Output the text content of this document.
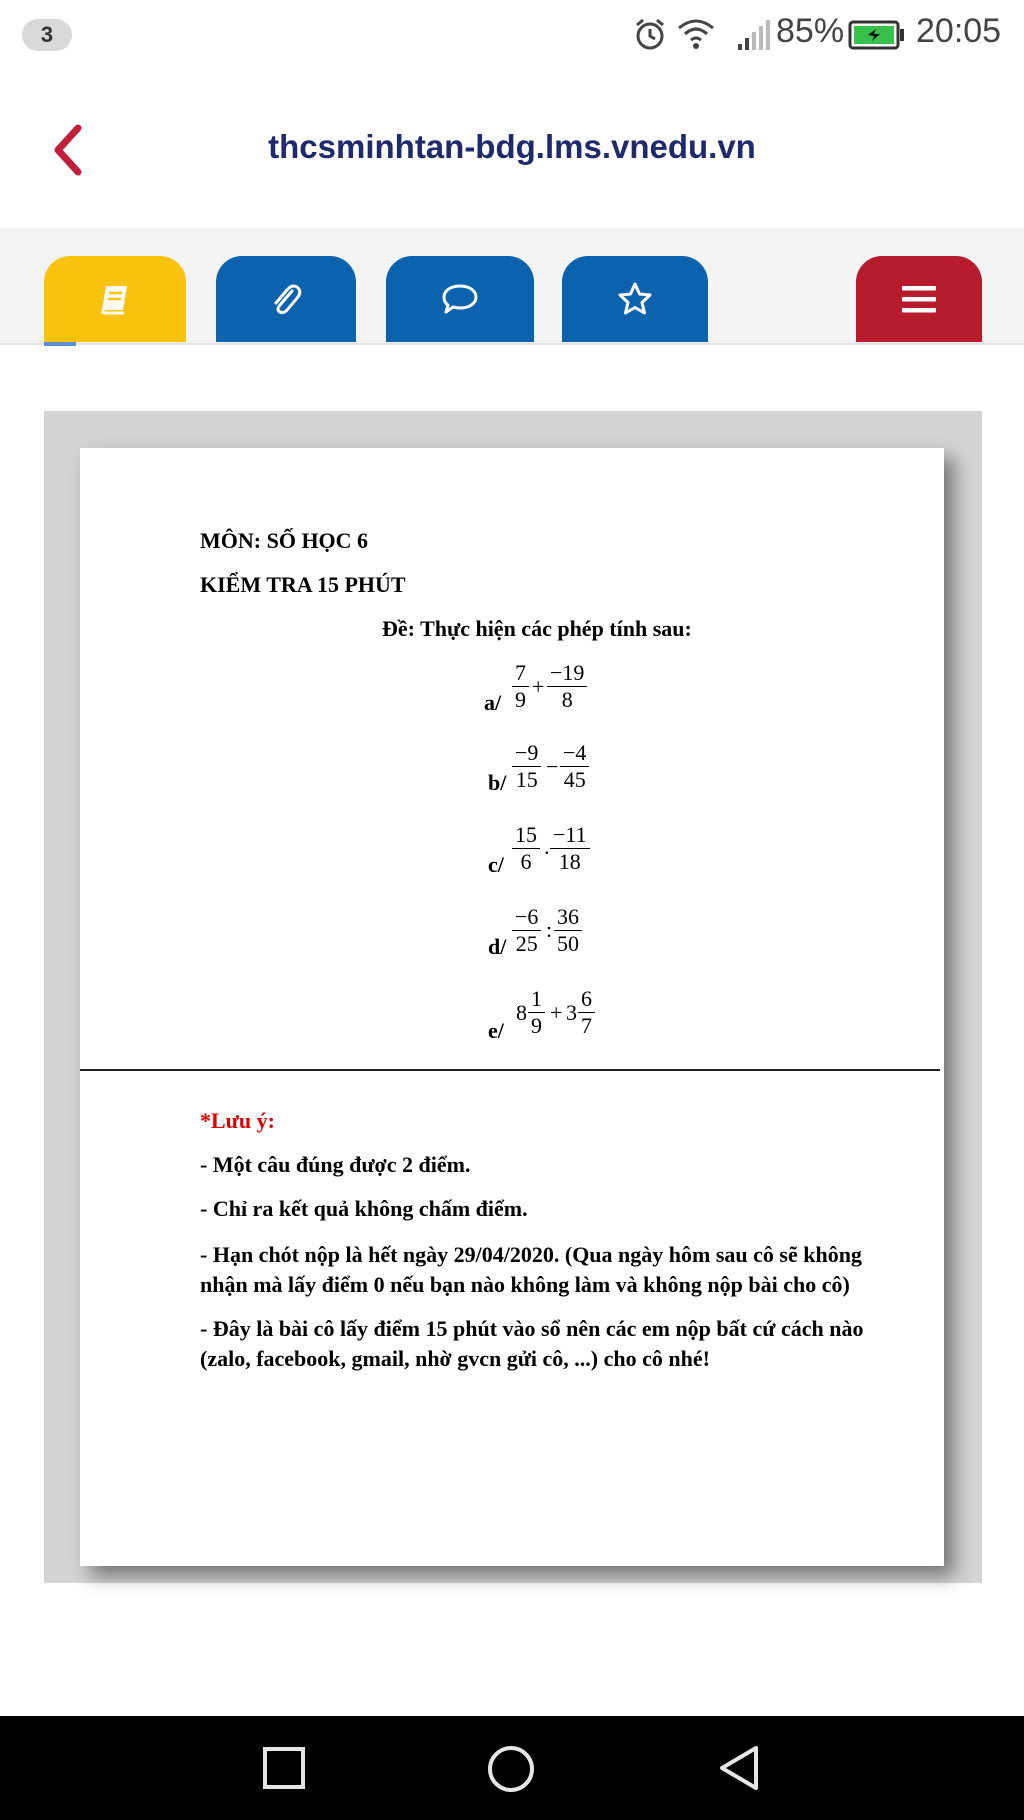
3	85% 20:05
thcsminhtan-bdg.lms.vnedu.vn
MÔN: SỐ HỌC 6
KIỂM TRA 15 PHÚT
Đề: Thực hiện các phép tính sau:
$a/ \frac{7}{9} + \frac{-19}{8}$
$b/ \frac{-9}{15} - \frac{-4}{45}$
$c/ \frac{15}{6}$ . $\frac{-11}{18}$
$d/ \frac{-6}{25}$ : $\frac{36}{50}$
e/
$8 \frac{1}{9} + 3 \frac{6}{7}$
*Lưu ý:
- Một câu đúng được 2 điểm.
- Chỉ ra kết quả không chấm điểm.
- Hạn chót nộp là hết ngày 29/04/2020. (Qua ngày hôm sau cô sẽ không nhận mà lấy điểm 0 nếu bạn nào không làm và không nộp bài cho cô)
- Đây là bài cô lấy điểm 15 phút vào sổ nên các em nộp bất cứ cách nào (zalo, facebook, gmail, nhờ gvcn gửi cô, ...) cho cô nhé!
